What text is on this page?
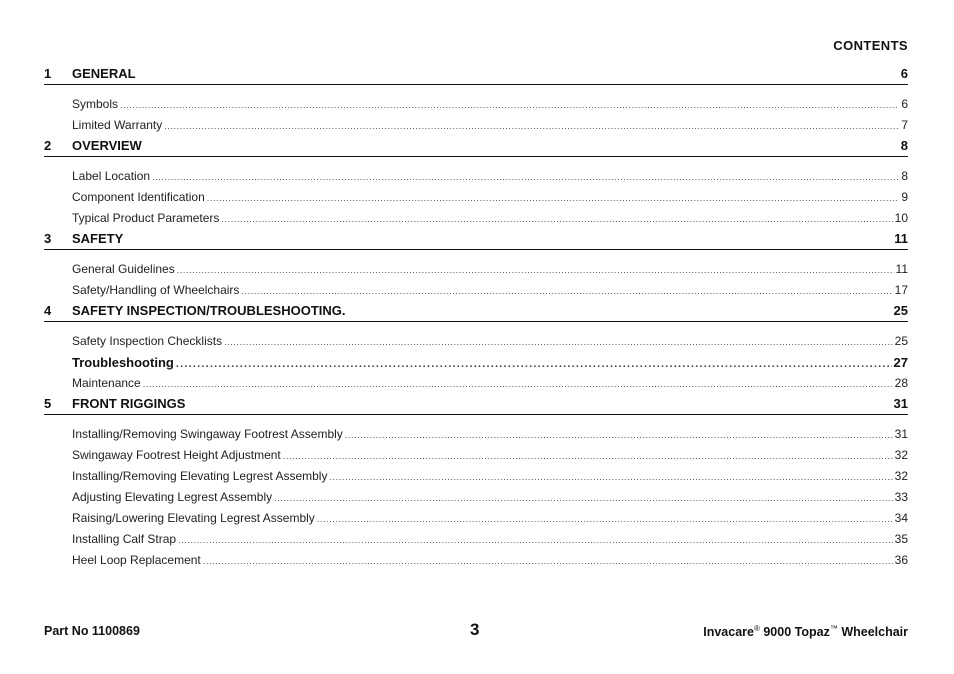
CONTENTS
1	GENERAL	6
Symbols .....	6
Limited Warranty .....	7
2	OVERVIEW	8
Label Location .....	8
Component Identification .....	9
Typical Product Parameters .....	10
3	SAFETY	11
General Guidelines .....	11
Safety/Handling of Wheelchairs .....	17
4	SAFETY INSPECTION/TROUBLESHOOTING.	25
Safety Inspection Checklists .....	25
Troubleshooting .....	27
Maintenance .....	28
5	FRONT RIGGINGS	31
Installing/Removing Swingaway Footrest Assembly .....	31
Swingaway Footrest Height Adjustment .....	32
Installing/Removing Elevating Legrest Assembly .....	32
Adjusting Elevating Legrest Assembly .....	33
Raising/Lowering Elevating Legrest Assembly .....	34
Installing Calf Strap .....	35
Heel Loop Replacement .....	36
Part No 1100869	3	Invacare® 9000 Topaz™ Wheelchair
